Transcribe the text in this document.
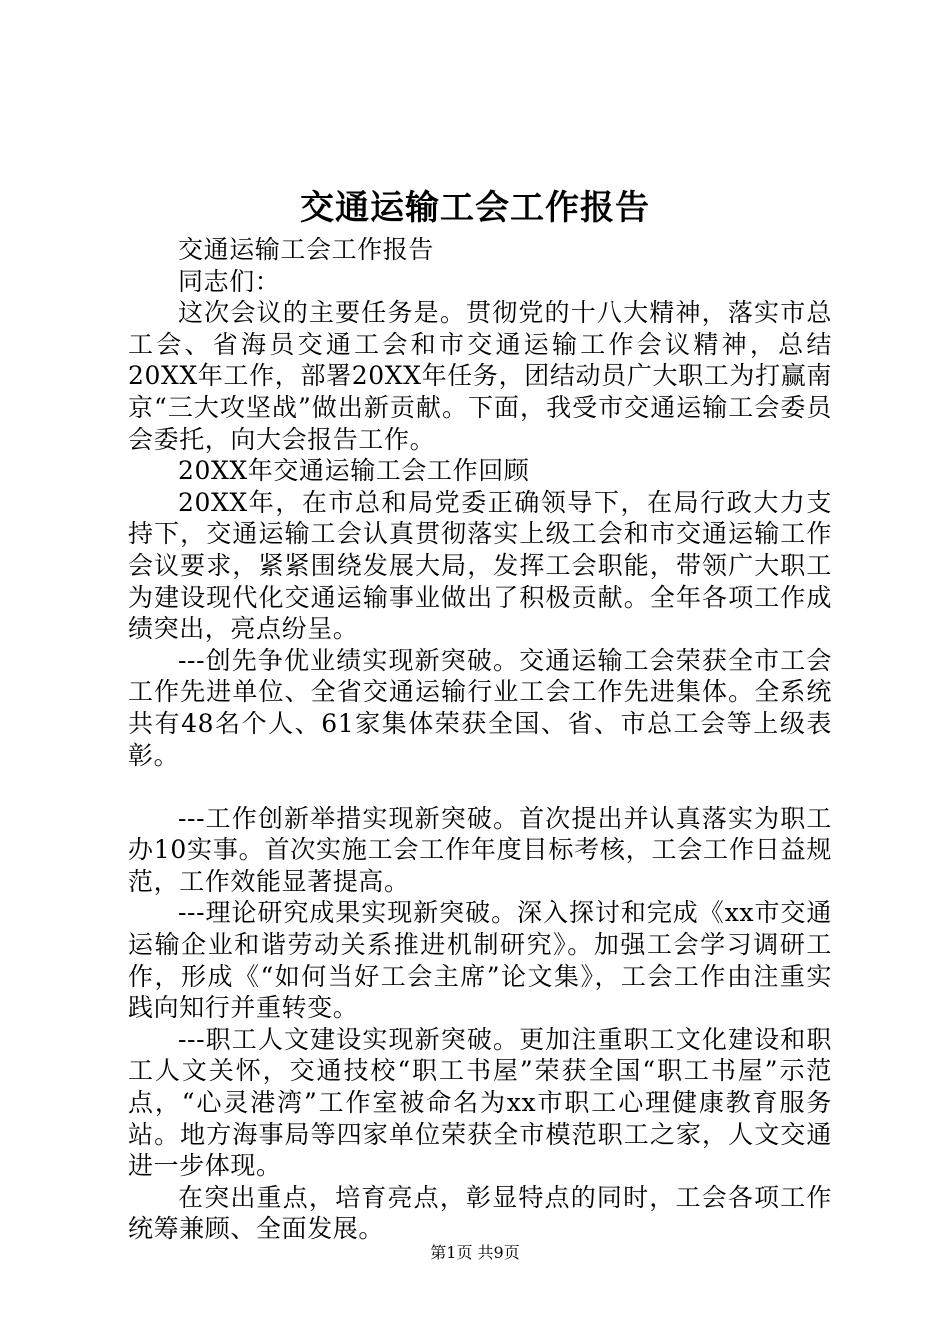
交通运输工会工作报告

交通运输工会工作报告

同志们：

这次会议的主要任务是。贯彻党的十八大精神，落实市总工会、省海员交通工会和市交通运输工作会议精神，总结20XX年工作，部署20XX年任务，团结动员广大职工为打赢南京“三大攻坚战”做出新贡献。下面，我受市交通运输工会委员会委托，向大会报告工作。

20XX年交通运输工会工作回顾

20XX年，在市总和局党委正确领导下，在局行政大力支持下，交通运输工会认真贯彻落实上级工会和市交通运输工作会议要求，紧紧围绕发展大局，发挥工会职能，带领广大职工为建设现代化交通运输事业做出了积极贡献。全年各项工作成绩突出，亮点纷呈。

---创先争优业绩实现新突破。交通运输工会荣获全市工会工作先进单位、全省交通运输行业工会工作先进集体。全系统共有48名个人、61家集体荣获全国、省、市总工会等上级表彰。

---工作创新举措实现新突破。首次提出并认真落实为职工办10实事。首次实施工会工作年度目标考核，工会工作日益规范，工作效能显著提高。

---理论研究成果实现新突破。深入探讨和完成《xx市交通运输企业和谐劳动关系推进机制研究》。加强工会学习调研工作，形成《“如何当好工会主席”论文集》，工会工作由注重实践向知行并重转变。

---职工人文建设实现新突破。更加注重职工文化建设和职工人文关怀，交通技校“职工书屋”荣获全国“职工书屋”示范点，“心灵港湾”工作室被命名为xx市职工心理健康教育服务站。地方海事局等四家单位荣获全市模范职工之家，人文交通进一步体现。

在突出重点，培育亮点，彰显特点的同时，工会各项工作统筹兼顾、全面发展。

第1页 共9页
